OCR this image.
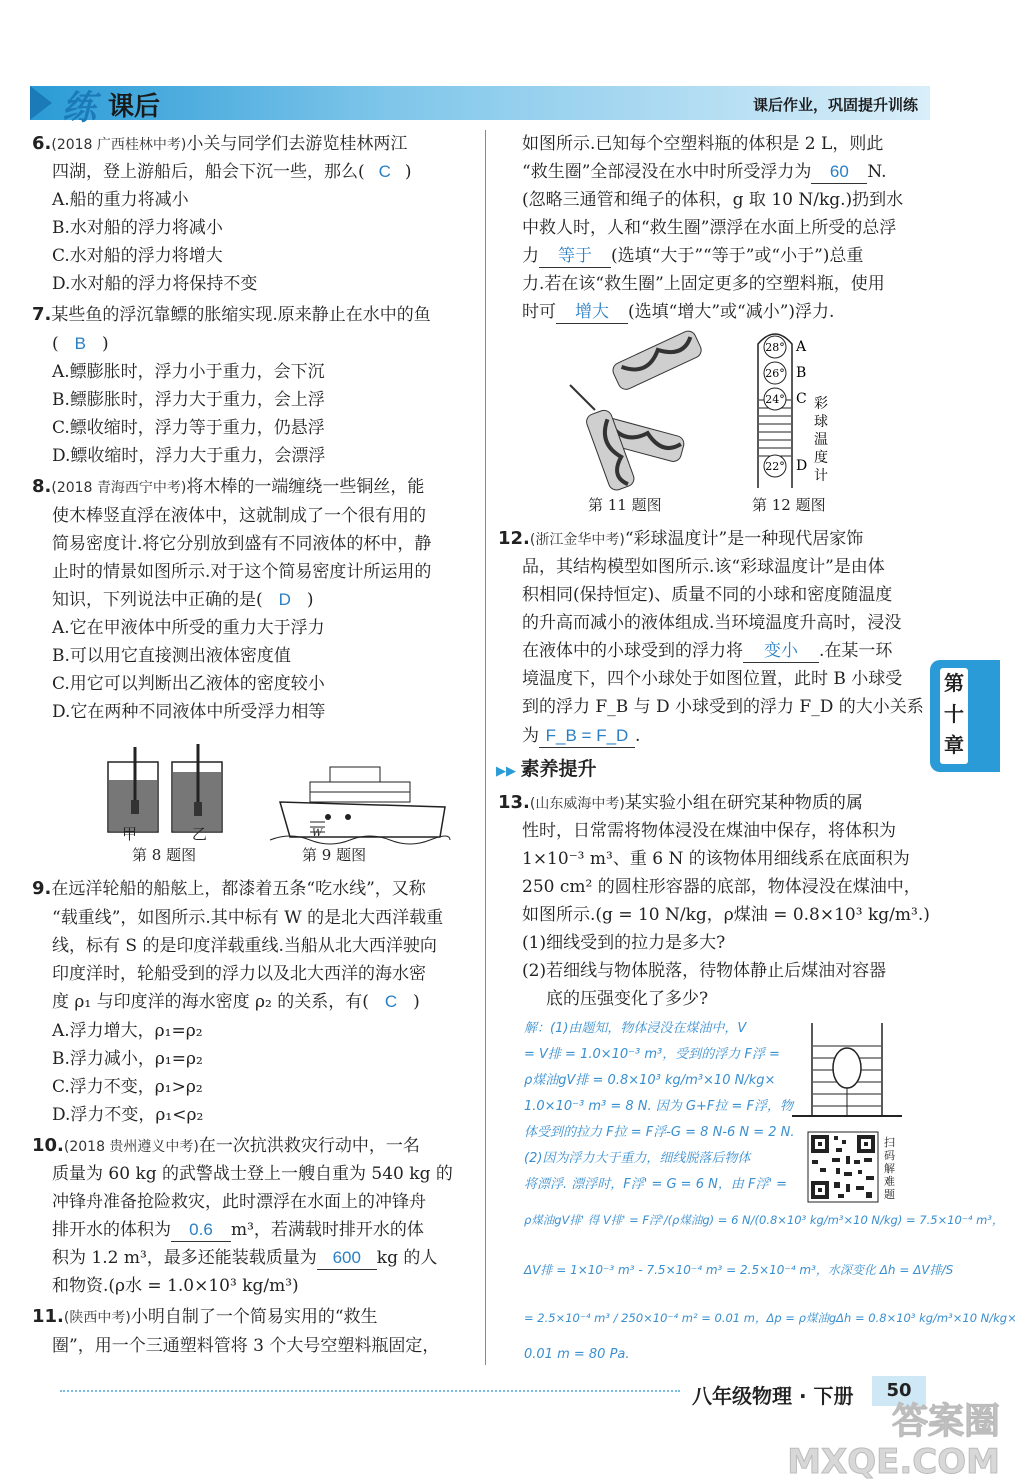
练 课后	课后作业，巩固提升训练
6.(2018 广西桂林中考)小关与同学们去游览桂林两江
四湖，登上游船后，船会下沉一些，那么( C )
A.船的重力将减小
B.水对船的浮力将减小
C.水对船的浮力将增大
D.水对船的浮力将保持不变
7.某些鱼的浮沉靠鳔的胀缩实现.原来静止在水中的鱼
( B )
A.鳔膨胀时，浮力小于重力，会下沉
B.鳔膨胀时，浮力大于重力，会上浮
C.鳔收缩时，浮力等于重力，仍悬浮
D.鳔收缩时，浮力大于重力，会漂浮
8.(2018 青海西宁中考)将木棒的一端缠绕一些铜丝，能
使木棒竖直浮在液体中，这就制成了一个很有用的
简易密度计.将它分别放到盛有不同液体的杯中，静
止时的情景如图所示.对于这个简易密度计所运用的
知识，下列说法中正确的是( D )
A.它在甲液体中所受的重力大于浮力
B.可以用它直接测出液体密度值
C.用它可以判断出乙液体的密度较小
D.它在两种不同液体中所受浮力相等
甲	乙
第 8 题图
W
第 9 题图
9.在远洋轮船的船舷上，都漆着五条“吃水线”，又称
“载重线”，如图所示.其中标有 W 的是北大西洋载重
线，标有 S 的是印度洋载重线.当船从北大西洋驶向
印度洋时，轮船受到的浮力以及北大西洋的海水密
度 ρ₁ 与印度洋的海水密度 ρ₂ 的关系，有( C )
A.浮力增大，ρ₁=ρ₂
B.浮力减小，ρ₁=ρ₂
C.浮力不变，ρ₁>ρ₂
D.浮力不变，ρ₁<ρ₂
10.(2018 贵州遵义中考)在一次抗洪救灾行动中，一名
质量为 60 kg 的武警战士登上一艘自重为 540 kg 的
冲锋舟准备抢险救灾，此时漂浮在水面上的冲锋舟
排开水的体积为 0.6 m³，若满载时排开水的体
积为 1.2 m³，最多还能装载质量为 600 kg 的人
和物资.(ρ水 = 1.0×10³ kg/m³)
11.(陕西中考)小明自制了一个简易实用的“救生
圈”，用一个三通塑料管将 3 个大号空塑料瓶固定，
如图所示.已知每个空塑料瓶的体积是 2 L，则此
“救生圈”全部浸没在水中时所受浮力为 60 N.
(忽略三通管和绳子的体积，g 取 10 N/kg.)扔到水
中救人时，人和“救生圈”漂浮在水面上所受的总浮
力 等于 (选填“大于”“等于”或“小于”)总重
力.若在该“救生圈”上固定更多的空塑料瓶，使用
时可 增大 (选填“增大”或“减小”)浮力.
第 11 题图
28°
26°
24°
22°
A
B
C
D
彩
球
温
度
计
第 12 题图
12.(浙江金华中考)“彩球温度计”是一种现代居家饰
品，其结构模型如图所示.该“彩球温度计”是由体
积相同(保持恒定)、质量不同的小球和密度随温度
的升高而减小的液体组成.当环境温度升高时，浸没
在液体中的小球受到的浮力将 变小 .在某一环
境温度下，四个小球处于如图位置，此时 B 小球受
到的浮力 F_B 与 D 小球受到的浮力 F_D 的大小关系
为 F_B = F_D .
▶▶ 素养提升
13.(山东威海中考)某实验小组在研究某种物质的属
性时，日常需将物体浸没在煤油中保存，将体积为
1×10⁻³ m³、重 6 N 的该物体用细线系在底面积为
250 cm² 的圆柱形容器的底部，物体浸没在煤油中，
如图所示.(g = 10 N/kg，ρ煤油 = 0.8×10³ kg/m³.)
(1)细线受到的拉力是多大?
(2)若细线与物体脱落，待物体静止后煤油对容器
底的压强变化了多少?
解：(1)由题知，物体浸没在煤油中，V
= V排 = 1.0×10⁻³ m³，受到的浮力 F浮 =
ρ煤油gV排 = 0.8×10³ kg/m³×10 N/kg×
1.0×10⁻³ m³ = 8 N. 因为 G+F拉 = F浮，物
体受到的拉力 F拉 = F浮-G = 8 N-6 N = 2 N.
(2)因为浮力大于重力，细线脱落后物体
将漂浮. 漂浮时，F浮' = G = 6 N，由 F浮' =
ρ煤油gV排' 得 V排' = F浮'/(ρ煤油g) = 6 N/(0.8×10³ kg/m³×10 N/kg) = 7.5×10⁻⁴ m³，
ΔV排 = 1×10⁻³ m³ - 7.5×10⁻⁴ m³ = 2.5×10⁻⁴ m³，水深变化 Δh = ΔV排/S
= 2.5×10⁻⁴ m³ / 250×10⁻⁴ m² = 0.01 m，Δp = ρ煤油gΔh = 0.8×10³ kg/m³×10 N/kg×
0.01 m = 80 Pa.
扫
码
解
难
题
第
十
章
八年级物理 · 下册	50
答案圈
MXQE.COM
